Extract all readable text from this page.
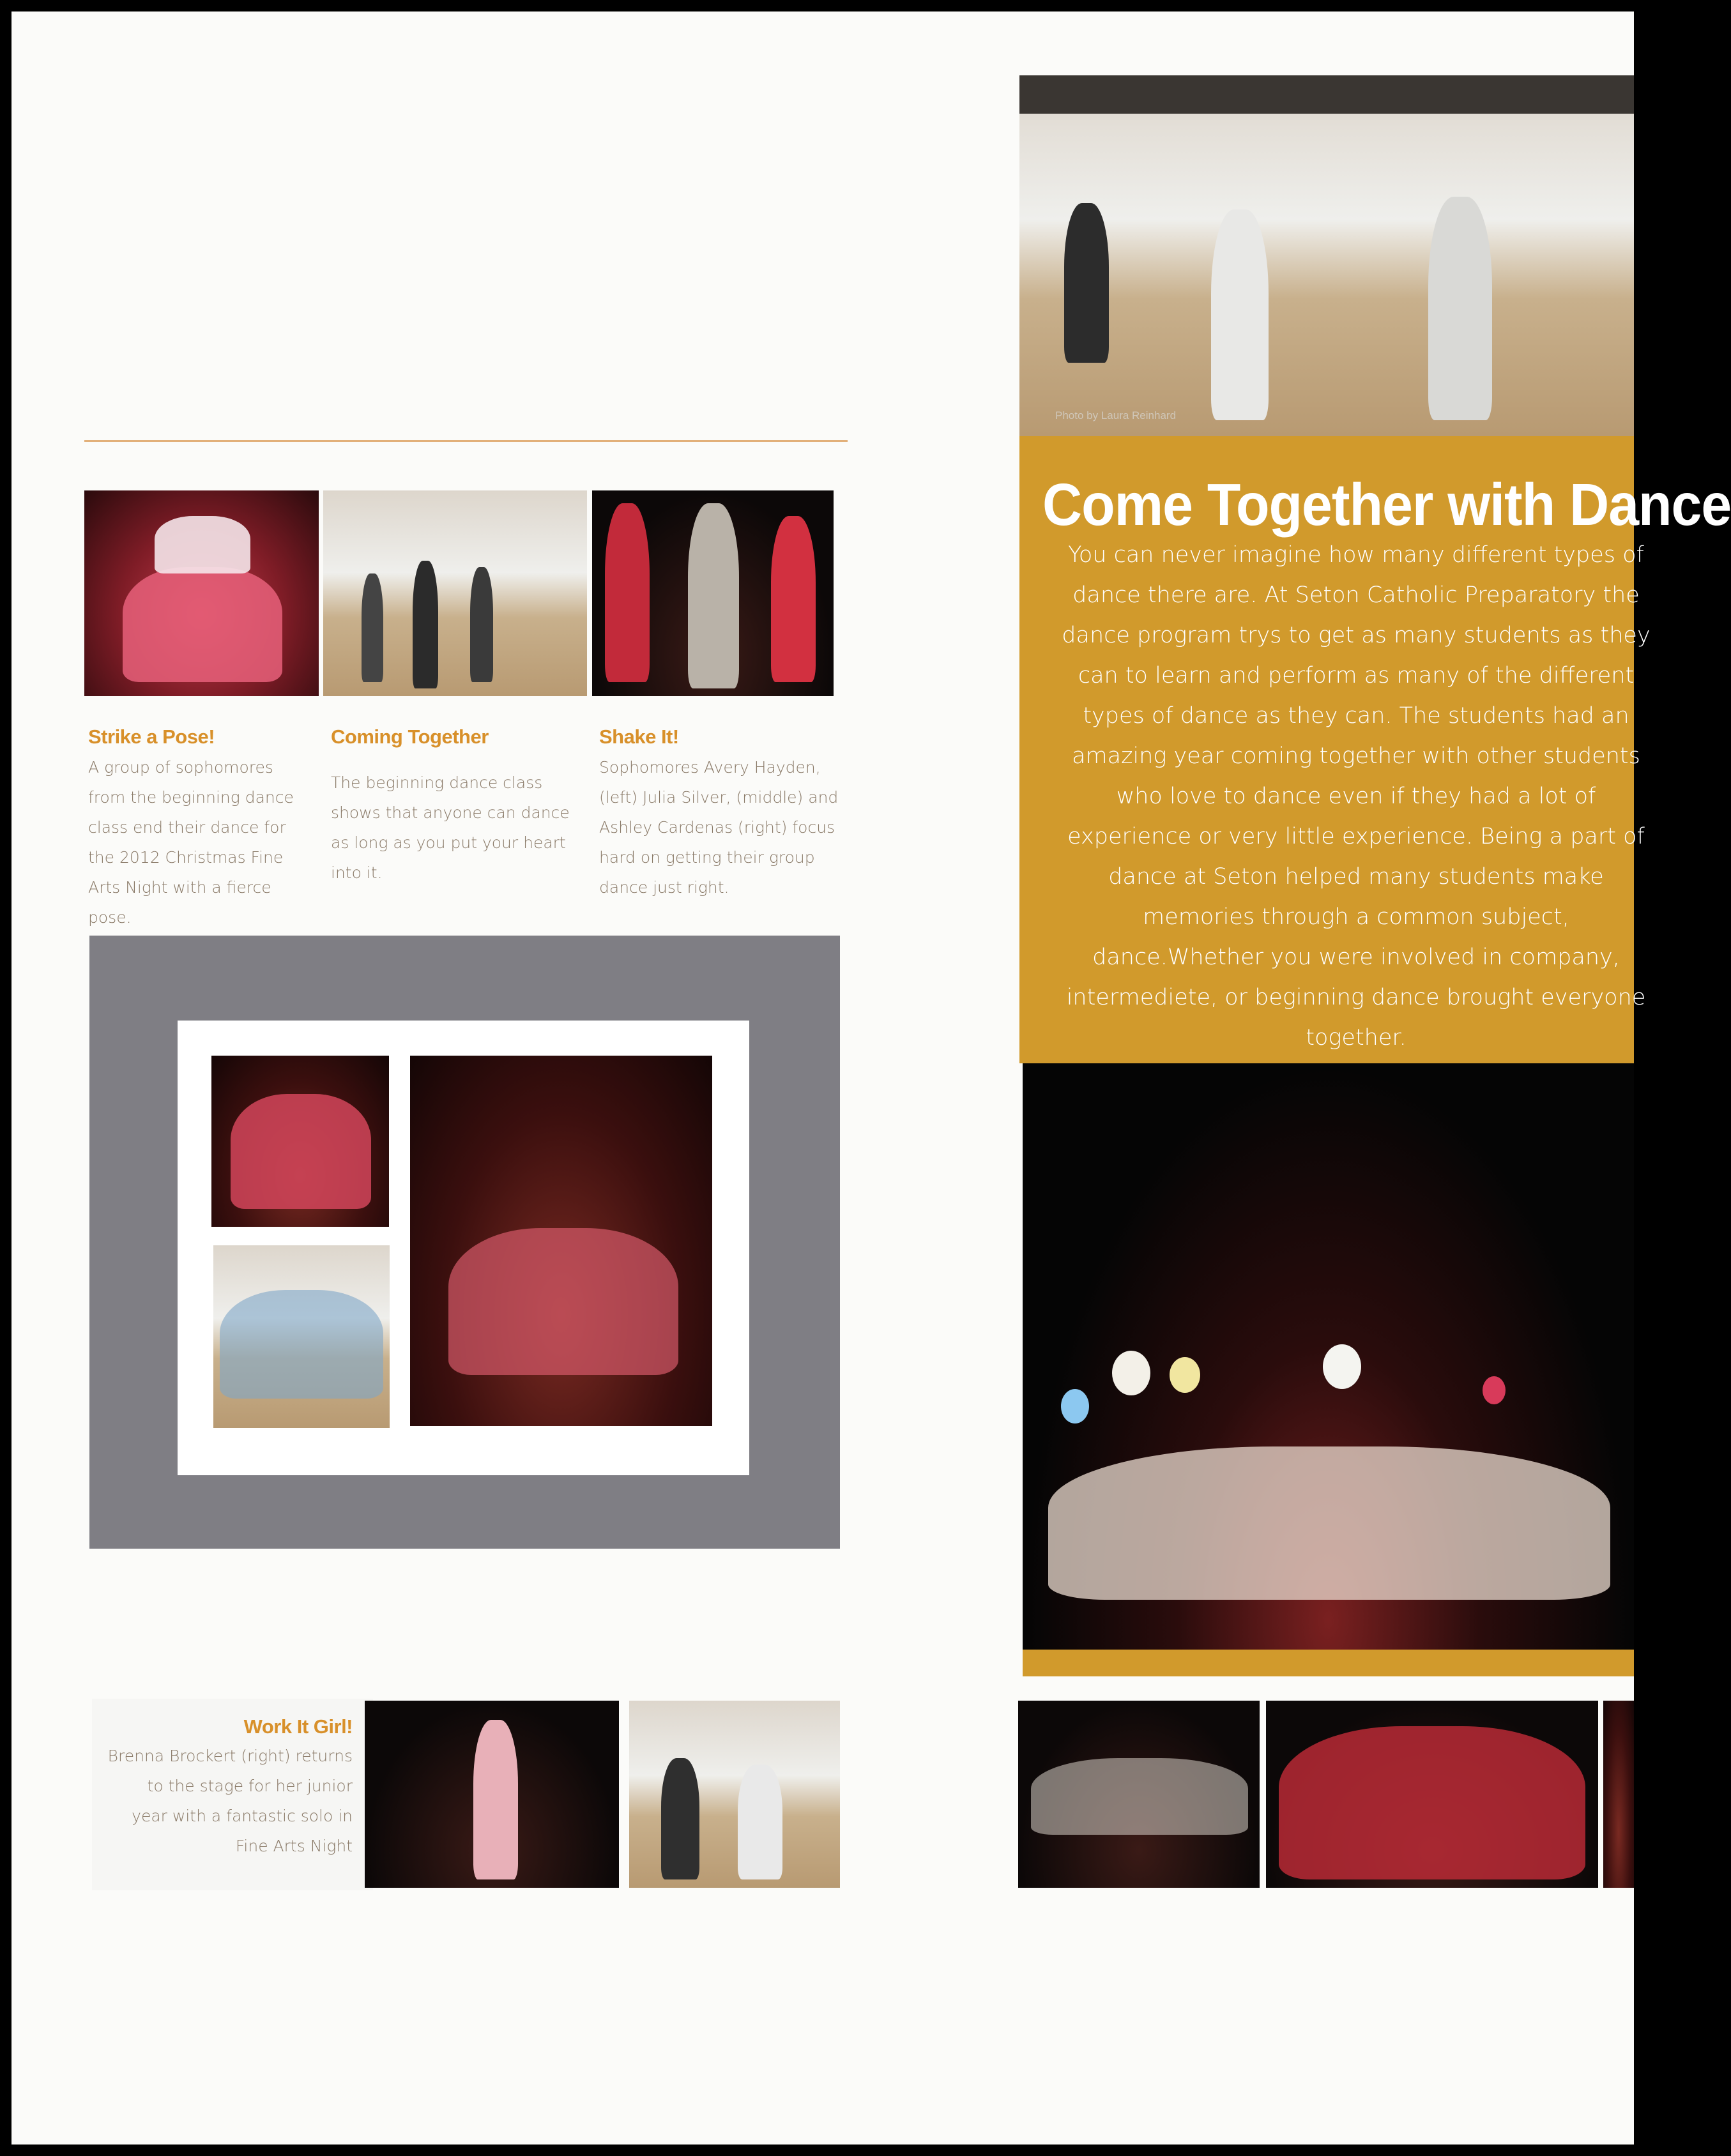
Strike a Pose!
A group of sophomores from the beginning dance class end their dance for the 2012 Christmas Fine Arts Night with a fierce pose.
Coming Together
The beginning dance class shows that anyone can dance as long as you put your heart into it.
Shake It!
Sophomores Avery Hayden, (left) Julia Silver, (middle) and Ashley Cardenas (right) focus hard on getting their group dance just right.
Work It Girl!
Brenna Brockert (right) returns to the stage for her junior year with a fantastic solo in Fine Arts Night
Photo by Laura Reinhard
Come Together with Dance
You can never imagine how many different types of dance there are. At Seton Catholic Preparatory the dance program trys to get as many students as they can to learn and perform as many of the different types of dance as they can. The students had an amazing year coming together with other students who love to dance even if they had a lot of experience or very little experience. Being a part of dance at Seton helped many students make memories through a common subject, dance.Whether you were involved in company, intermediete, or beginning dance brought everyone together.
